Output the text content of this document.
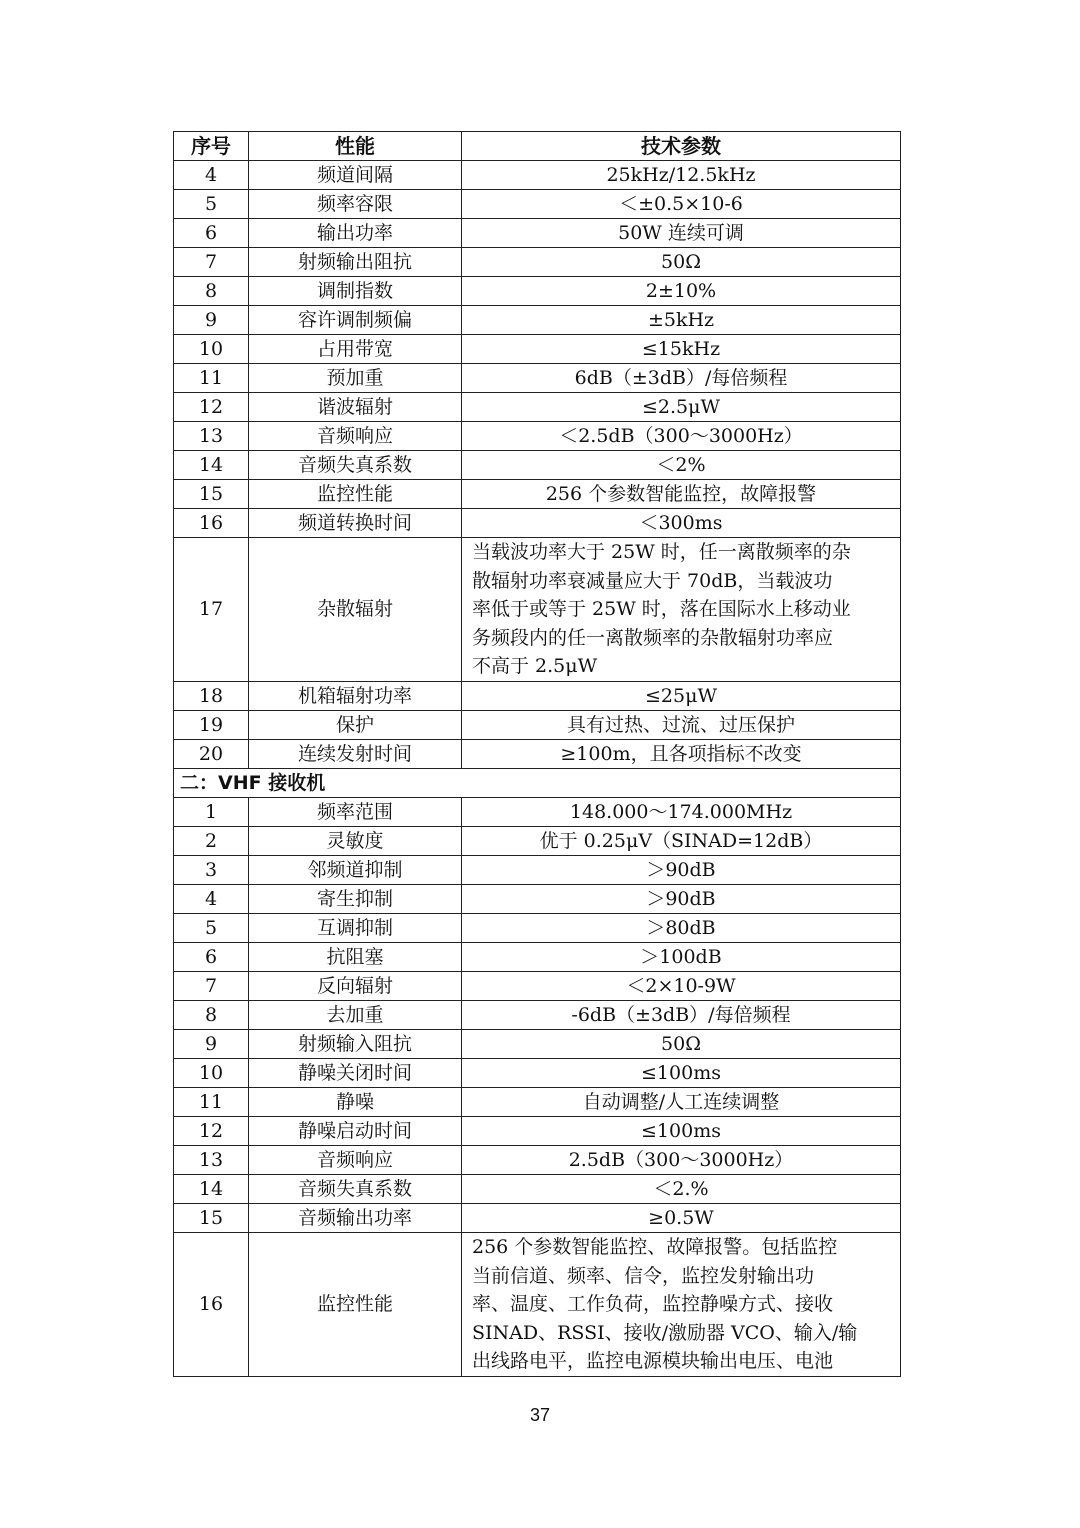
序号	性能	技术参数
4	频道间隔	25kHz/12.5kHz
5	频率容限	＜±0.5×10-6
6	输出功率	50W 连续可调
7	射频输出阻抗	50Ω
8	调制指数	2±10%
9	容许调制频偏	±5kHz
10	占用带宽	≤15kHz
11	预加重	6dB（±3dB）/每倍频程
12	谐波辐射	≤2.5μW
13	音频响应	＜2.5dB（300～3000Hz）
14	音频失真系数	＜2%
15	监控性能	256 个参数智能监控，故障报警
16	频道转换时间	＜300ms
17	杂散辐射	当载波功率大于 25W 时，任一离散频率的杂
散辐射功率衰减量应大于 70dB，当载波功
率低于或等于 25W 时，落在国际水上移动业
务频段内的任一离散频率的杂散辐射功率应
不高于 2.5μW

18	机箱辐射功率	≤25μW
19	保护	具有过热、过流、过压保护
20	连续发射时间	≥100m，且各项指标不改变
二：VHF 接收机		
1	频率范围	148.000～174.000MHz
2	灵敏度	优于 0.25μV（SINAD=12dB）
3	邻频道抑制	＞90dB
4	寄生抑制	＞90dB
5	互调抑制	＞80dB
6	抗阻塞	＞100dB
7	反向辐射	＜2×10-9W
8	去加重	-6dB（±3dB）/每倍频程
9	射频输入阻抗	50Ω
10	静噪关闭时间	≤100ms
11	静噪	自动调整/人工连续调整
12	静噪启动时间	≤100ms
13	音频响应	2.5dB（300～3000Hz）
14	音频失真系数	＜2.%
15	音频输出功率	≥0.5W
16	监控性能	256 个参数智能监控、故障报警。包括监控
当前信道、频率、信令，监控发射输出功
率、温度、工作负荷，监控静噪方式、接收
SINAD、RSSI、接收/激励器 VCO、输入/输
出线路电平，监控电源模块输出电压、电池
37
